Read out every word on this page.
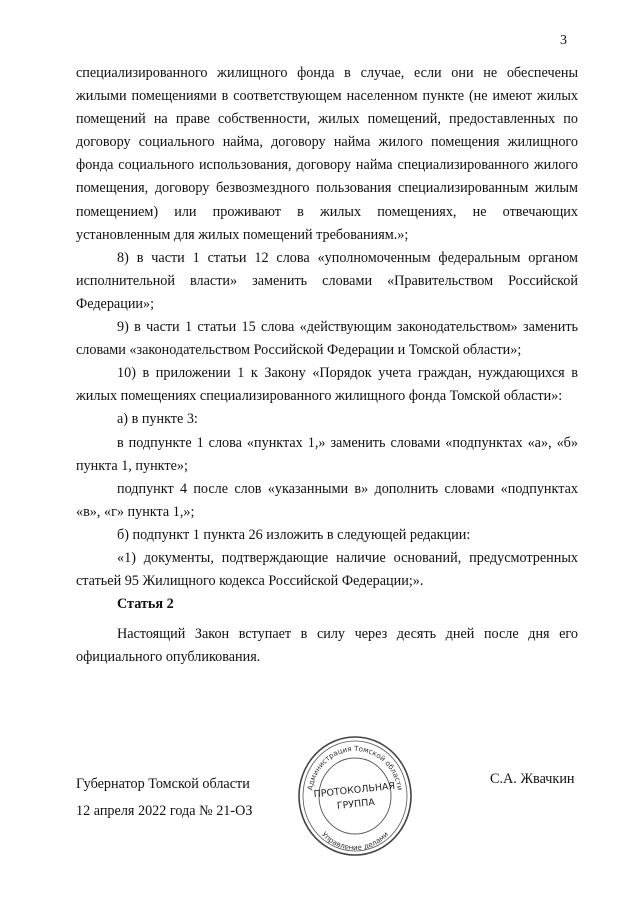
3

специализированного жилищного фонда в случае, если они не обеспечены жилыми помещениями в соответствующем населенном пункте (не имеют жилых помещений на праве собственности, жилых помещений, предоставленных по договору социального найма, договору найма жилого помещения жилищного фонда социального использования, договору найма специализированного жилого помещения, договору безвозмездного пользования специализированным жилым помещением) или проживают в жилых помещениях, не отвечающих установленным для жилых помещений требованиям.»;

8) в части 1 статьи 12 слова «уполномоченным федеральным органом исполнительной власти» заменить словами «Правительством Российской Федерации»;

9) в части 1 статьи 15 слова «действующим законодательством» заменить словами «законодательством Российской Федерации и Томской области»;

10) в приложении 1 к Закону «Порядок учета граждан, нуждающихся в жилых помещениях специализированного жилищного фонда Томской области»:

а) в пункте 3:

в подпункте 1 слова «пунктах 1,» заменить словами «подпунктах «а», «б» пункта 1, пункте»;

подпункт 4 после слов «указанными в» дополнить словами «подпунктах «в», «г» пункта 1,»;

б) подпункт 1 пункта 26 изложить в следующей редакции:

«1) документы, подтверждающие наличие оснований, предусмотренных статьей 95 Жилищного кодекса Российской Федерации;».

Статья 2

Настоящий Закон вступает в силу через десять дней после дня его официального опубликования.

Губернатор Томской области
12 апреля 2022 года № 21-ОЗ
С.А. Жвачкин
Администрация Томской области
Управление делами
ПРОТОКОЛЬНАЯ
ГРУППА
